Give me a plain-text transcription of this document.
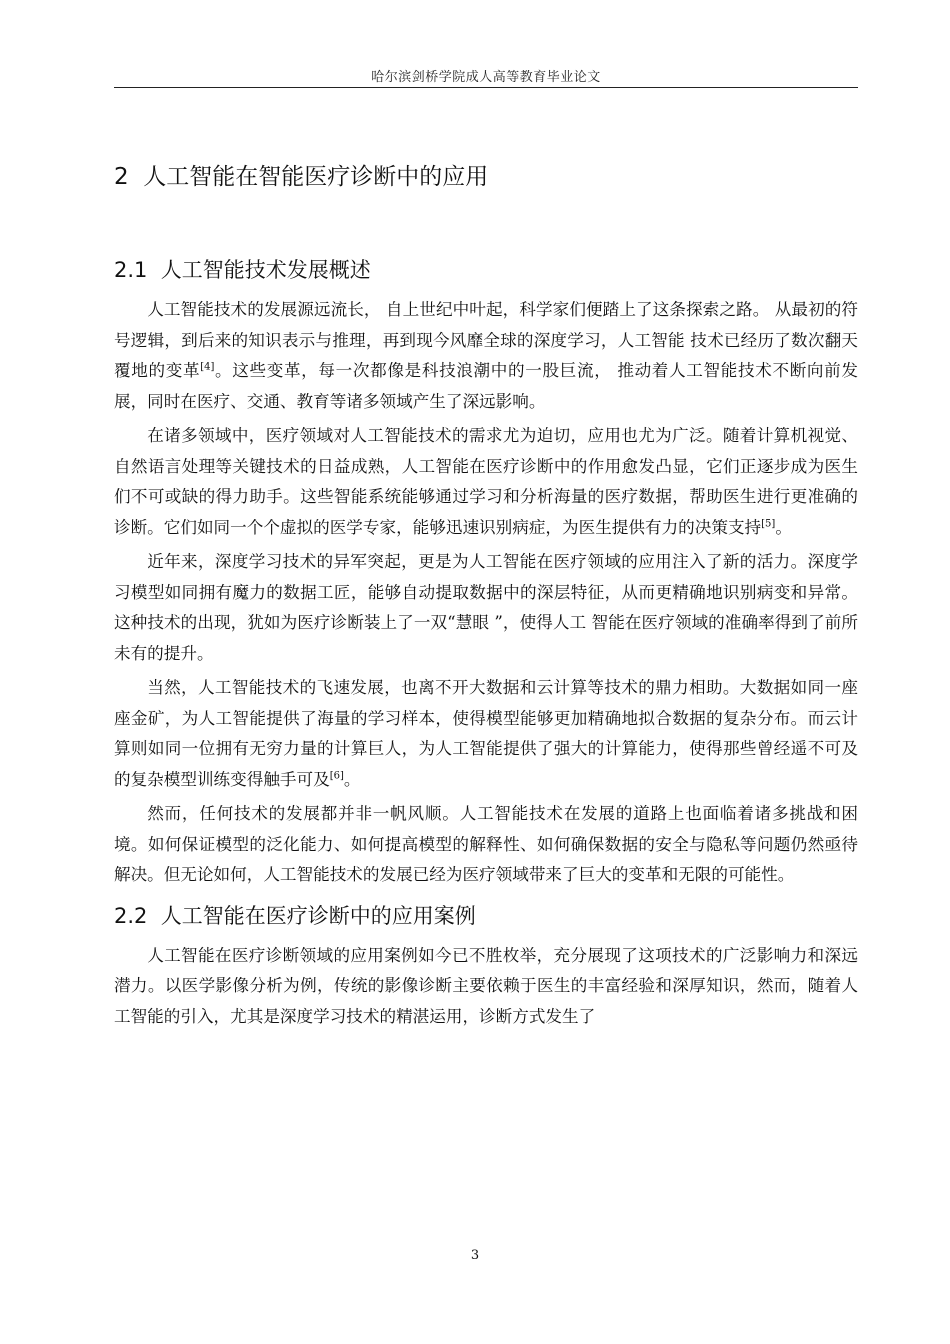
哈尔滨剑桥学院成人高等教育毕业论文
2 人工智能在智能医疗诊断中的应用
2.1 人工智能技术发展概述

人工智能技术的发展源远流长， 自上世纪中叶起，科学家们便踏上了这条探索之路。 从最初的符号逻辑，到后来的知识表示与推理，再到现今风靡全球的深度学习，人工智能 技术已经历了数次翻天覆地的变革[4]。这些变革，每一次都像是科技浪潮中的一股巨流， 推动着人工智能技术不断向前发展，同时在医疗、交通、教育等诸多领域产生了深远影响。

在诸多领域中，医疗领域对人工智能技术的需求尤为迫切，应用也尤为广泛。随着计算机视觉、自然语言处理等关键技术的日益成熟，人工智能在医疗诊断中的作用愈发凸显，它们正逐步成为医生们不可或缺的得力助手。这些智能系统能够通过学习和分析海量的医疗数据，帮助医生进行更准确的诊断。它们如同一个个虚拟的医学专家，能够迅速识别病症，为医生提供有力的决策支持[5]。

近年来，深度学习技术的异军突起，更是为人工智能在医疗领域的应用注入了新的活力。深度学习模型如同拥有魔力的数据工匠，能够自动提取数据中的深层特征，从而更精确地识别病变和异常。这种技术的出现，犹如为医疗诊断装上了一双“慧眼 ”，使得人工 智能在医疗领域的准确率得到了前所未有的提升。

当然，人工智能技术的飞速发展，也离不开大数据和云计算等技术的鼎力相助。大数据如同一座座金矿，为人工智能提供了海量的学习样本，使得模型能够更加精确地拟合数据的复杂分布。而云计算则如同一位拥有无穷力量的计算巨人，为人工智能提供了强大的计算能力，使得那些曾经遥不可及的复杂模型训练变得触手可及[6]。

然而，任何技术的发展都并非一帆风顺。人工智能技术在发展的道路上也面临着诸多挑战和困境。如何保证模型的泛化能力、如何提高模型的解释性、如何确保数据的安全与隐私等问题仍然亟待解决。但无论如何，人工智能技术的发展已经为医疗领域带来了巨大的变革和无限的可能性。

2.2 人工智能在医疗诊断中的应用案例

人工智能在医疗诊断领域的应用案例如今已不胜枚举，充分展现了这项技术的广泛影响力和深远潜力。以医学影像分析为例，传统的影像诊断主要依赖于医生的丰富经验和深厚知识，然而，随着人工智能的引入，尤其是深度学习技术的精湛运用，诊断方式发生了

3
